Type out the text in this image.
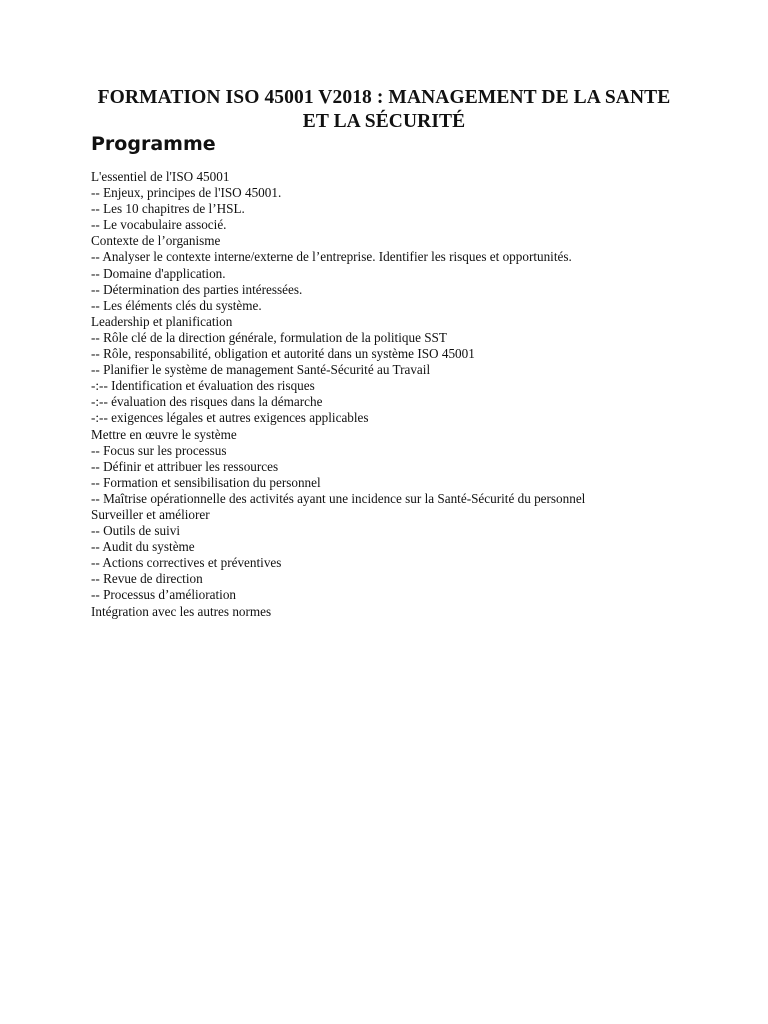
FORMATION ISO 45001 V2018 : MANAGEMENT DE LA SANTE ET LA SÉCURITÉ
Programme
L'essentiel de l'ISO 45001
-- Enjeux, principes de l'ISO 45001.
-- Les 10 chapitres de l’HSL.
-- Le vocabulaire associé.
Contexte de l’organisme
-- Analyser le contexte interne/externe de l’entreprise. Identifier les risques et opportunités.
-- Domaine d'application.
-- Détermination des parties intéressées.
-- Les éléments clés du système.
Leadership et planification
-- Rôle clé de la direction générale, formulation de la politique SST
-- Rôle, responsabilité, obligation et autorité dans un système ISO 45001
-- Planifier le système de management Santé-Sécurité au Travail
-:-- Identification et évaluation des risques
-:-- évaluation des risques dans la démarche
-:-- exigences légales et autres exigences applicables
Mettre en œuvre le système
-- Focus sur les processus
-- Définir et attribuer les ressources
-- Formation et sensibilisation du personnel
-- Maîtrise opérationnelle des activités ayant une incidence sur la Santé-Sécurité du personnel
Surveiller et améliorer
-- Outils de suivi
-- Audit du système
-- Actions correctives et préventives
-- Revue de direction
-- Processus d’amélioration
Intégration avec les autres normes
